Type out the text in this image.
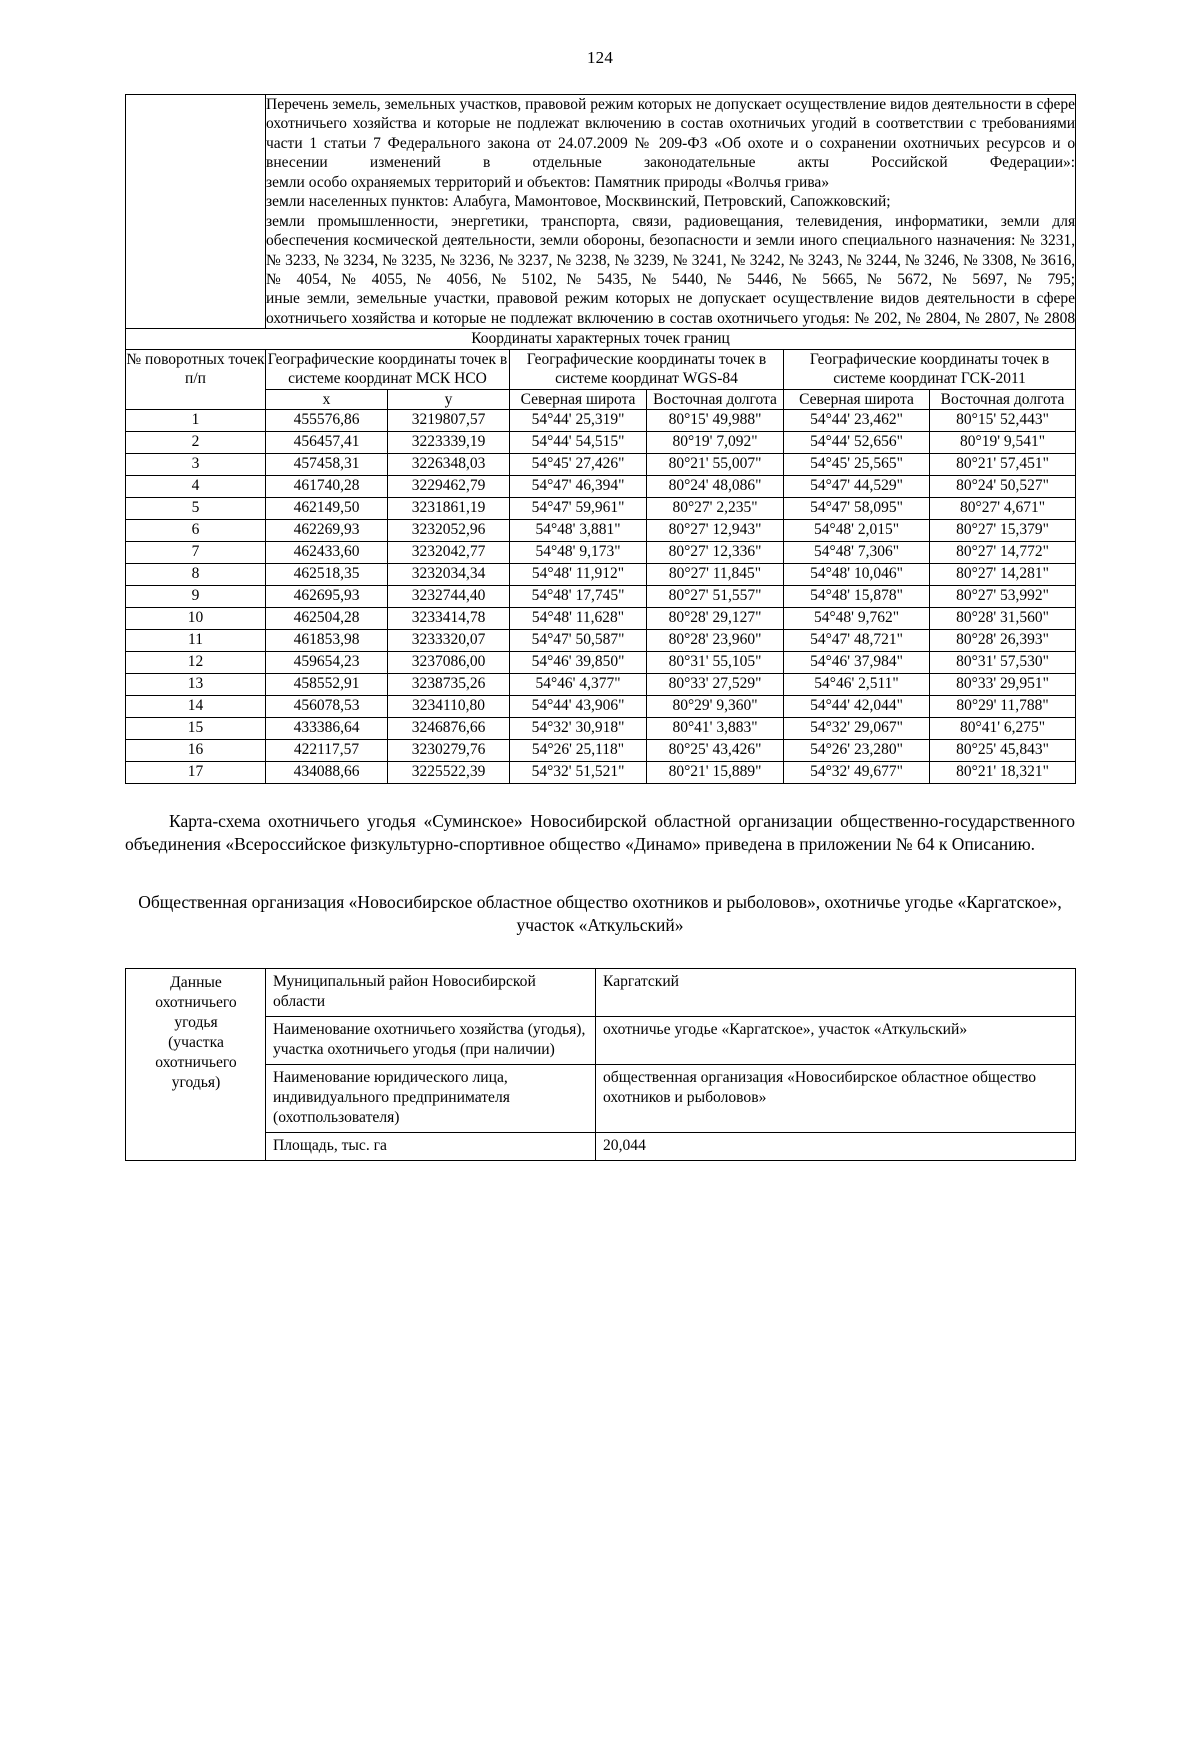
124

	Перечень земель, земельных участков, правовой режим которых не допускает осуществление видов деятельности в сфере охотничьего хозяйства и которые не подлежат включению в состав охотничьих угодий в соответствии с требованиями части 1 статьи 7 Федерального закона от 24.07.2009 № 209-ФЗ «Об охоте и о сохранении охотничьих ресурсов и о внесении изменений в отдельные законодательные акты Российской Федерации»:

земли особо охраняемых территорий и объектов: Памятник природы «Волчья грива»

земли населенных пунктов: Алабуга, Мамонтовое, Москвинский, Петровский, Сапожковский;

земли промышленности, энергетики, транспорта, связи, радиовещания, телевидения, информатики, земли для обеспечения космической деятельности, земли обороны, безопасности и земли иного специального назначения: № 3231, № 3233, № 3234, № 3235, № 3236, № 3237, № 3238, № 3239, № 3241, № 3242, № 3243, № 3244, № 3246, № 3308, № 3616, № 4054, № 4055, № 4056, № 5102, № 5435, № 5440, № 5446, № 5665, № 5672, № 5697, № 795;

иные земли, земельные участки, правовой режим которых не допускает осуществление видов деятельности в сфере охотничьего хозяйства и которые не подлежат включению в состав охотничьего угодья: № 202, № 2804, № 2807, № 2808					

Координаты характерных точек границ						
№ поворотных точек п/п	Географические координаты точек в системе координат МСК НСО		Географические координаты точек в системе координат WGS-84		Географические координаты точек в системе координат ГСК-2011	
	x	y	Северная широта	Восточная долгота	Северная широта	Восточная долгота
1	455576,86	3219807,57	54°44' 25,319"	80°15' 49,988"	54°44' 23,462"	80°15' 52,443"
2	456457,41	3223339,19	54°44' 54,515"	80°19' 7,092"	54°44' 52,656"	80°19' 9,541"
3	457458,31	3226348,03	54°45' 27,426"	80°21' 55,007"	54°45' 25,565"	80°21' 57,451"
4	461740,28	3229462,79	54°47' 46,394"	80°24' 48,086"	54°47' 44,529"	80°24' 50,527"
5	462149,50	3231861,19	54°47' 59,961"	80°27' 2,235"	54°47' 58,095"	80°27' 4,671"
6	462269,93	3232052,96	54°48' 3,881"	80°27' 12,943"	54°48' 2,015"	80°27' 15,379"
7	462433,60	3232042,77	54°48' 9,173"	80°27' 12,336"	54°48' 7,306"	80°27' 14,772"
8	462518,35	3232034,34	54°48' 11,912"	80°27' 11,845"	54°48' 10,046"	80°27' 14,281"
9	462695,93	3232744,40	54°48' 17,745"	80°27' 51,557"	54°48' 15,878"	80°27' 53,992"
10	462504,28	3233414,78	54°48' 11,628"	80°28' 29,127"	54°48' 9,762"	80°28' 31,560"
11	461853,98	3233320,07	54°47' 50,587"	80°28' 23,960"	54°47' 48,721"	80°28' 26,393"
12	459654,23	3237086,00	54°46' 39,850"	80°31' 55,105"	54°46' 37,984"	80°31' 57,530"
13	458552,91	3238735,26	54°46' 4,377"	80°33' 27,529"	54°46' 2,511"	80°33' 29,951"
14	456078,53	3234110,80	54°44' 43,906"	80°29' 9,360"	54°44' 42,044"	80°29' 11,788"
15	433386,64	3246876,66	54°32' 30,918"	80°41' 3,883"	54°32' 29,067"	80°41' 6,275"
16	422117,57	3230279,76	54°26' 25,118"	80°25' 43,426"	54°26' 23,280"	80°25' 45,843"
17	434088,66	3225522,39	54°32' 51,521"	80°21' 15,889"	54°32' 49,677"	80°21' 18,321"
Карта-схема охотничьего угодья «Суминское» Новосибирской областной организации общественно-государственного объединения «Всероссийское физкультурно-спортивное общество «Динамо» приведена в приложении № 64 к Описанию.
Общественная организация «Новосибирское областное общество охотников и рыболовов», охотничье угодье «Каргатское», участок «Аткульский»
Данные
охотничьего
угодья
(участка
охотничьего
угодья)
	Муниципальный район Новосибирской области	Каргатский
	Наименование охотничьего хозяйства (угодья), участка охотничьего угодья (при наличии)	охотничье угодье «Каргатское», участок «Аткульский»
	Наименование юридического лица, индивидуального предпринимателя (охотпользователя)	общественная организация «Новосибирское областное общество охотников и рыболовов»
	Площадь, тыс. га	20,044
